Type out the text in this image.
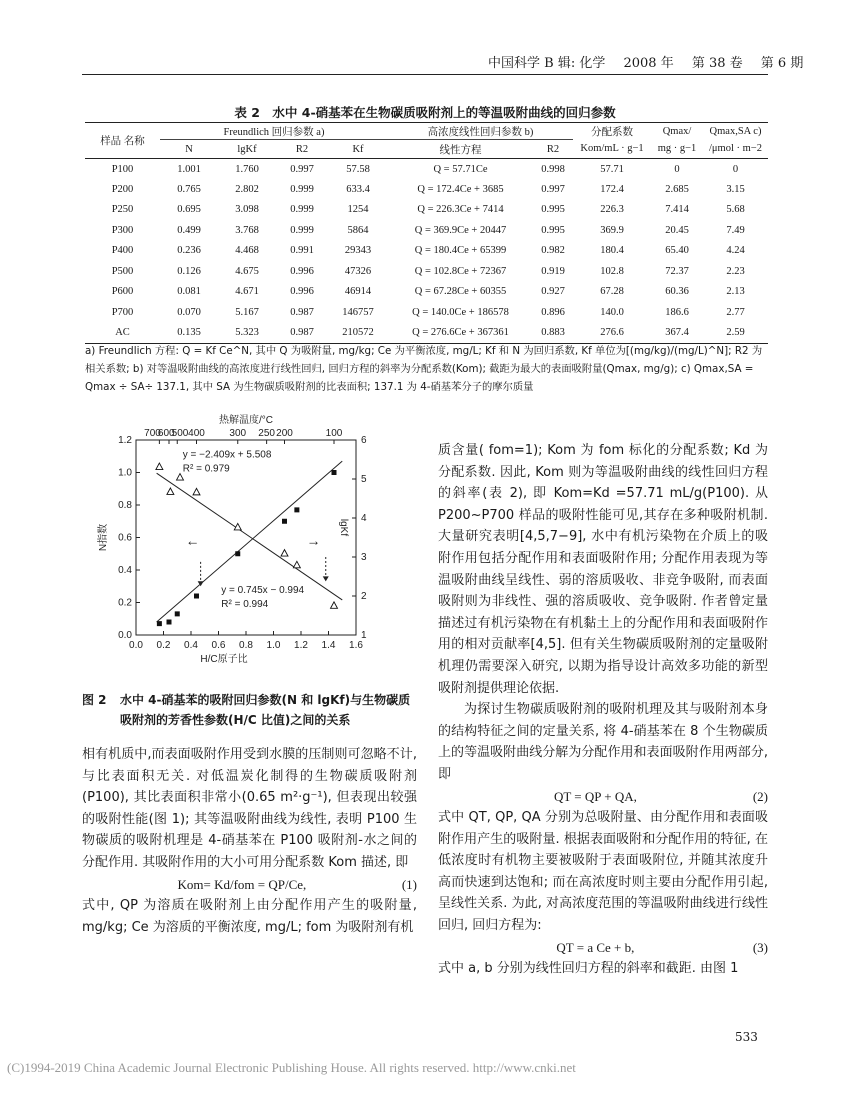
中国科学 B 辑: 化学 2008 年 第 38 卷 第 6 期
表 2　水中 4-硝基苯在生物碳质吸附剂上的等温吸附曲线的回归参数
样品 名称	Freundlich 回归参数 a)				高浓度线性回归参数 b)		分配系数	Qmax/	Qmax,SA c)
	N	lgKf	R2	Kf	线性方程	R2	Kom/mL · g−1	mg · g−1	/μmol · m−2
P100	1.001	1.760	0.997	57.58	Q = 57.71Ce	0.998	57.71	0	0
P200	0.765	2.802	0.999	633.4	Q = 172.4Ce + 3685	0.997	172.4	2.685	3.15
P250	0.695	3.098	0.999	1254	Q = 226.3Ce + 7414	0.995	226.3	7.414	5.68
P300	0.499	3.768	0.999	5864	Q = 369.9Ce + 20447	0.995	369.9	20.45	7.49
P400	0.236	4.468	0.991	29343	Q = 180.4Ce + 65399	0.982	180.4	65.40	4.24
P500	0.126	4.675	0.996	47326	Q = 102.8Ce + 72367	0.919	102.8	72.37	2.23
P600	0.081	4.671	0.996	46914	Q = 67.28Ce + 60355	0.927	67.28	60.36	2.13
P700	0.070	5.167	0.987	146757	Q = 140.0Ce + 186578	0.896	140.0	186.6	2.77
AC	0.135	5.323	0.987	210572	Q = 276.6Ce + 367361	0.883	276.6	367.4	2.59
a) Freundlich 方程: Q = Kf Ce^N, 其中 Q 为吸附量, mg/kg; Ce 为平衡浓度, mg/L; Kf 和 N 为回归系数, Kf 单位为[(mg/kg)/(mg/L)^N]; R2 为相关系数; b) 对等温吸附曲线的高浓度进行线性回归, 回归方程的斜率为分配系数(Kom); 截距为最大的表面吸附量(Qmax, mg/g); c) Qmax,SA = Qmax ÷ SA÷ 137.1, 其中 SA 为生物碳质吸附剂的比表面积; 137.1 为 4-硝基苯分子的摩尔质量
0.0 0.2 0.4 0.6 0.8 1.0 1.2 1.4 1.6
0.0
0.2
0.4
0.6
0.8
1.0
1.2
1
2
3
4
5
6
700
600
500 400 300 250 200	100
热解温度/°C
H/C原子比
N指数	lgKf
y = 0.745x − 0.994
R² = 0.994
y = −2.409x + 5.508
R² = 0.979
←	→
图 2	水中 4-硝基苯的吸附回归参数(N 和 lgKf)与生物碳质吸附剂的芳香性参数(H/C 比值)之间的关系

相有机质中,而表面吸附作用受到水膜的压制则可忽略不计,与比表面积无关. 对低温炭化制得的生物碳质吸附剂(P100), 其比表面积非常小(0.65 m²·g⁻¹), 但表现出较强的吸附性能(图 1); 其等温吸附曲线为线性, 表明 P100 生物碳质的吸附机理是 4-硝基苯在 P100 吸附剂-水之间的分配作用. 其吸附作用的大小可用分配系数 Kom 描述, 即

Kom= Kd/fom = QP/Ce,	(1)

式中, QP 为溶质在吸附剂上由分配作用产生的吸附量, mg/kg; Ce 为溶质的平衡浓度, mg/L; fom 为吸附剂有机

质含量( fom=1); Kom 为 fom 标化的分配系数; Kd 为分配系数. 因此, Kom 则为等温吸附曲线的线性回归方程的斜率(表 2), 即 Kom=Kd =57.71 mL/g(P100). 从 P200~P700 样品的吸附性能可见,其存在多种吸附机制. 大量研究表明[4,5,7−9], 水中有机污染物在介质上的吸附作用包括分配作用和表面吸附作用; 分配作用表现为等温吸附曲线呈线性、弱的溶质吸收、非竞争吸附, 而表面吸附则为非线性、强的溶质吸收、竞争吸附. 作者曾定量描述过有机污染物在有机黏土上的分配作用和表面吸附作用的相对贡献率[4,5]. 但有关生物碳质吸附剂的定量吸附机理仍需要深入研究, 以期为指导设计高效多功能的新型吸附剂提供理论依据.

为探讨生物碳质吸附剂的吸附机理及其与吸附剂本身的结构特征之间的定量关系, 将 4-硝基苯在 8 个生物碳质上的等温吸附曲线分解为分配作用和表面吸附作用两部分, 即

QT = QP + QA,	(2)

式中 QT, QP, QA 分别为总吸附量、由分配作用和表面吸附作用产生的吸附量. 根据表面吸附和分配作用的特征, 在低浓度时有机物主要被吸附于表面吸附位, 并随其浓度升高而快速到达饱和; 而在高浓度时则主要由分配作用引起, 呈线性关系. 为此, 对高浓度范围的等温吸附曲线进行线性回归, 回归方程为:

QT = a Ce + b,	(3)

式中 a, b 分别为线性回归方程的斜率和截距. 由图 1

533
(C)1994-2019 China Academic Journal Electronic Publishing House. All rights reserved. http://www.cnki.net
